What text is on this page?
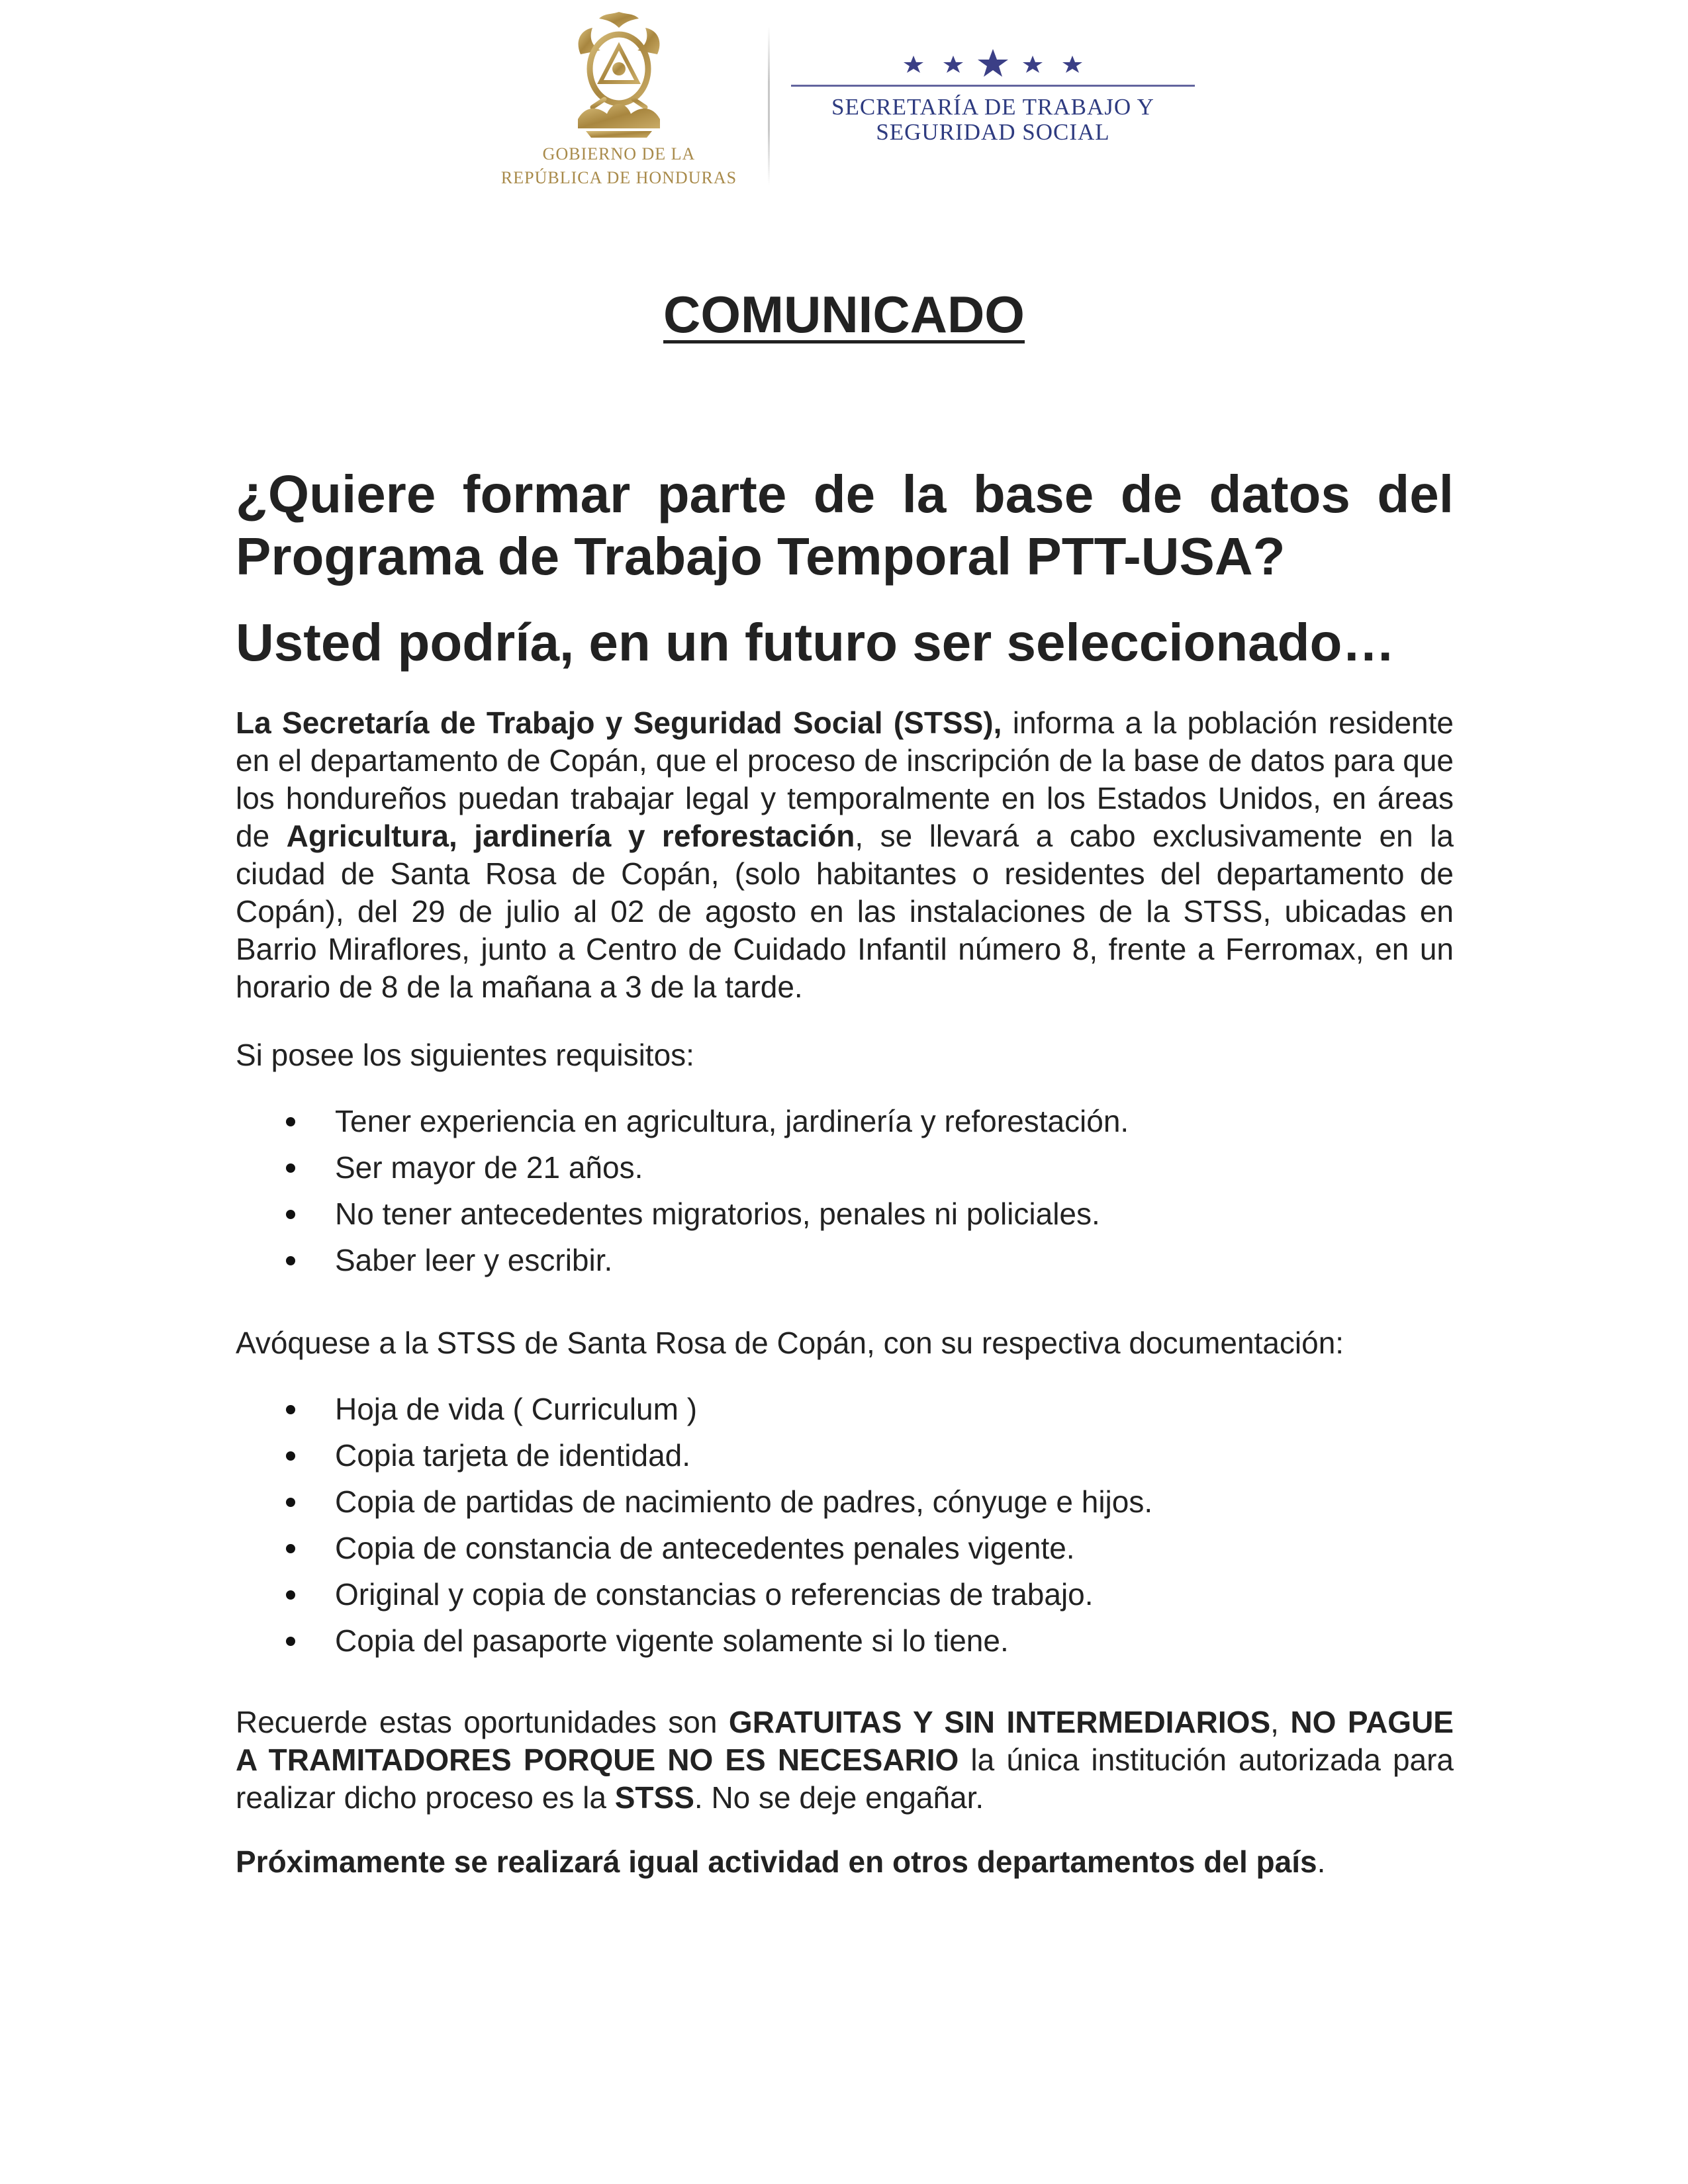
GOBIERNO DE LA
REPÚBLICA DE HONDURAS
SECRETARÍA DE TRABAJO Y
SEGURIDAD SOCIAL
COMUNICADO

¿Quiere formar parte de la base de datos del Programa de Trabajo Temporal PTT-USA?

Usted podría, en un futuro ser seleccionado…

La Secretaría de Trabajo y Seguridad Social (STSS), informa a la población residente en el departamento de Copán, que el proceso de inscripción de la base de datos para que los hondureños puedan trabajar legal y temporalmente en los Estados Unidos, en áreas de Agricultura, jardinería y reforestación, se llevará a cabo exclusivamente en la ciudad de Santa Rosa de Copán, (solo habitantes o residentes del departamento de Copán), del 29 de julio al 02 de agosto en las instalaciones de la STSS, ubicadas en Barrio Miraflores, junto a Centro de Cuidado Infantil número 8, frente a Ferromax, en un horario de 8 de la mañana a 3 de la tarde.

Si posee los siguientes requisitos:

Tener experiencia en agricultura, jardinería y reforestación.
Ser mayor de 21 años.
No tener antecedentes migratorios, penales ni policiales.
Saber leer y escribir.

Avóquese a la STSS de Santa Rosa de Copán, con su respectiva documentación:

Hoja de vida ( Curriculum )
Copia tarjeta de identidad.
Copia de partidas de nacimiento de padres, cónyuge e hijos.
Copia de constancia de antecedentes penales vigente.
Original y copia de constancias o referencias de trabajo.
Copia del pasaporte vigente solamente si lo tiene.

Recuerde estas oportunidades son GRATUITAS Y SIN INTERMEDIARIOS, NO PAGUE A TRAMITADORES PORQUE NO ES NECESARIO la única institución autorizada para realizar dicho proceso es la STSS. No se deje engañar.

Próximamente se realizará igual actividad en otros departamentos del país.
